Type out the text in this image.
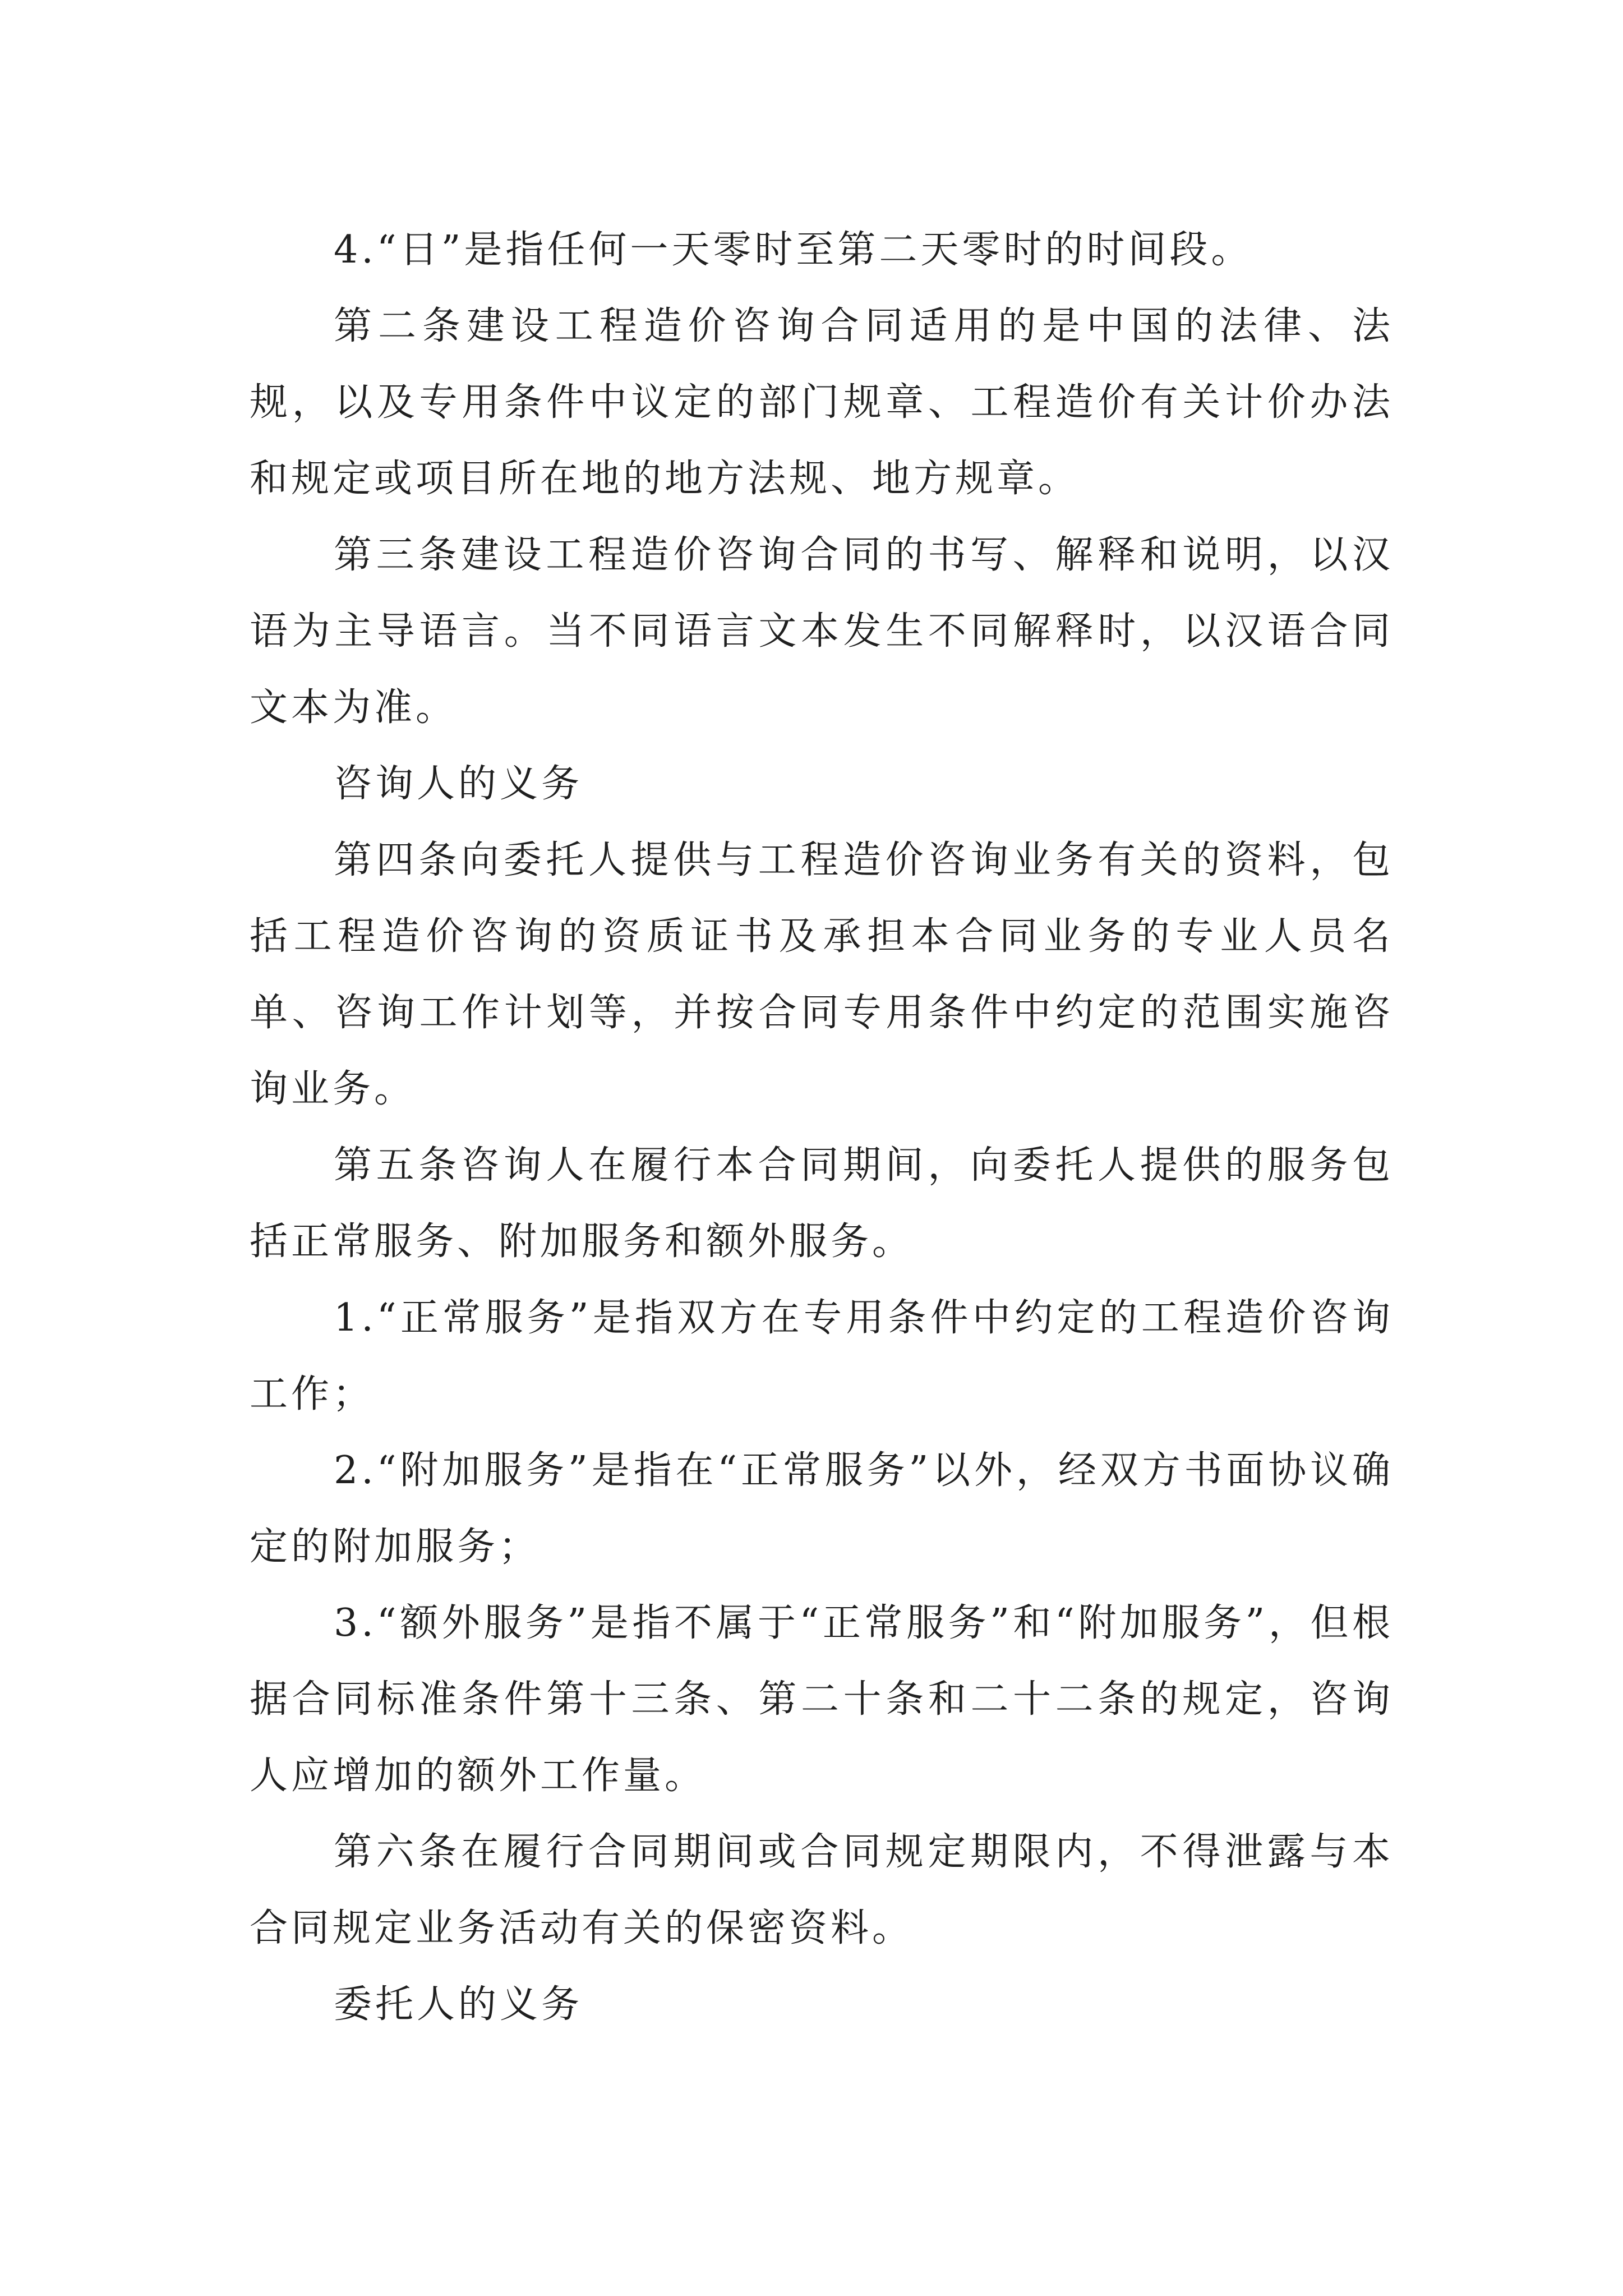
4.“日”是指任何一天零时至第二天零时的时间段。

第二条建设工程造价咨询合同适用的是中国的法律、法规，以及专用条件中议定的部门规章、工程造价有关计价办法和规定或项目所在地的地方法规、地方规章。

第三条建设工程造价咨询合同的书写、解释和说明，以汉语为主导语言。当不同语言文本发生不同解释时，以汉语合同文本为准。

咨询人的义务

第四条向委托人提供与工程造价咨询业务有关的资料，包括工程造价咨询的资质证书及承担本合同业务的专业人员名单、咨询工作计划等，并按合同专用条件中约定的范围实施咨询业务。

第五条咨询人在履行本合同期间，向委托人提供的服务包括正常服务、附加服务和额外服务。

1.“正常服务”是指双方在专用条件中约定的工程造价咨询工作；

2.“附加服务”是指在“正常服务”以外，经双方书面协议确定的附加服务；

3.“额外服务”是指不属于“正常服务”和“附加服务”，但根据合同标准条件第十三条、第二十条和二十二条的规定，咨询人应增加的额外工作量。

第六条在履行合同期间或合同规定期限内，不得泄露与本合同规定业务活动有关的保密资料。

委托人的义务
